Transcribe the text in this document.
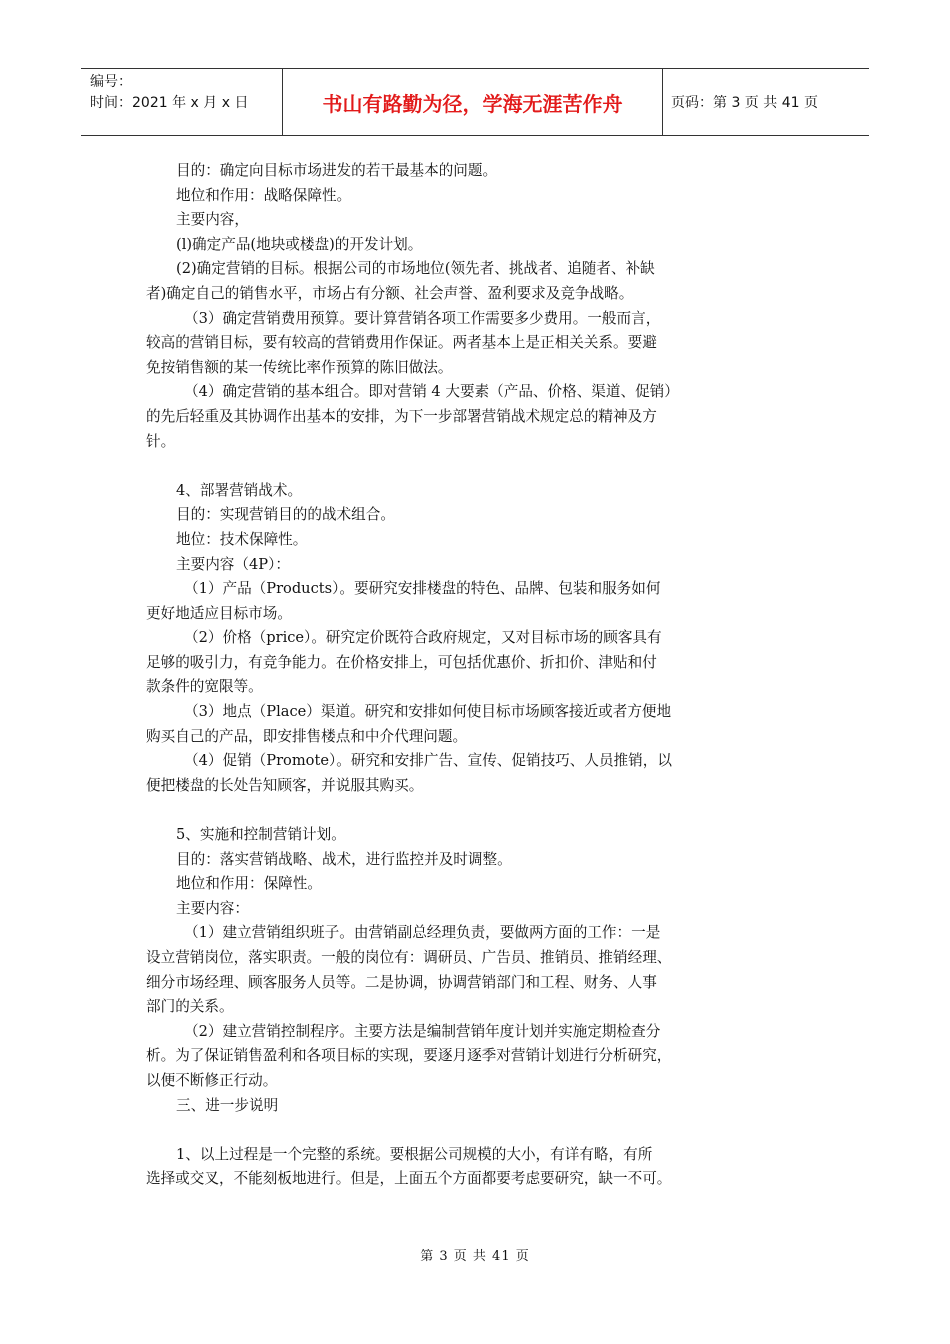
编号：
时间：2021 年 x 月 x 日	书山有路勤为径，学海无涯苦作舟	页码：第 3 页 共 41 页

目的：确定向目标市场进发的若干最基本的问题。

地位和作用：战略保障性。

主要内容，

(l)确定产品(地块或楼盘)的开发计划。

(2)确定营销的目标。根据公司的市场地位(领先者、挑战者、追随者、补缺

者)确定自己的销售水平，市场占有分额、社会声誉、盈利要求及竞争战略。

（3）确定营销费用预算。要计算营销各项工作需要多少费用。一般而言，

较高的营销目标，要有较高的营销费用作保证。两者基本上是正相关关系。要避

免按销售额的某一传统比率作预算的陈旧做法。

（4）确定营销的基本组合。即对营销 4 大要素（产品、价格、渠道、促销）

的先后轻重及其协调作出基本的安排，为下一步部署营销战术规定总的精神及方

针。

4、部署营销战术。

目的：实现营销目的的战术组合。

地位：技术保障性。

主要内容（4P）：

（1）产品（Products）。要研究安排楼盘的特色、品牌、包装和服务如何

更好地适应目标市场。

（2）价格（price）。研究定价既符合政府规定，又对目标市场的顾客具有

足够的吸引力，有竞争能力。在价格安排上，可包括优惠价、折扣价、津贴和付

款条件的宽限等。

（3）地点（Place）渠道。研究和安排如何使目标市场顾客接近或者方便地

购买自己的产品，即安排售楼点和中介代理问题。

（4）促销（Promote）。研究和安排广告、宣传、促销技巧、人员推销，以

便把楼盘的长处告知顾客，并说服其购买。

5、实施和控制营销计划。

目的：落实营销战略、战术，进行监控并及时调整。

地位和作用：保障性。

主要内容：

（1）建立营销组织班子。由营销副总经理负责，要做两方面的工作：一是

设立营销岗位，落实职责。一般的岗位有：调研员、广告员、推销员、推销经理、

细分市场经理、顾客服务人员等。二是协调，协调营销部门和工程、财务、人事

部门的关系。

（2）建立营销控制程序。主要方法是编制营销年度计划并实施定期检查分

析。为了保证销售盈利和各项目标的实现，要逐月逐季对营销计划进行分析研究，

以便不断修正行动。

三、进一步说明

1、以上过程是一个完整的系统。要根据公司规模的大小，有详有略，有所

选择或交叉，不能刻板地进行。但是，上面五个方面都要考虑要研究，缺一不可。

第 3 页 共 41 页
